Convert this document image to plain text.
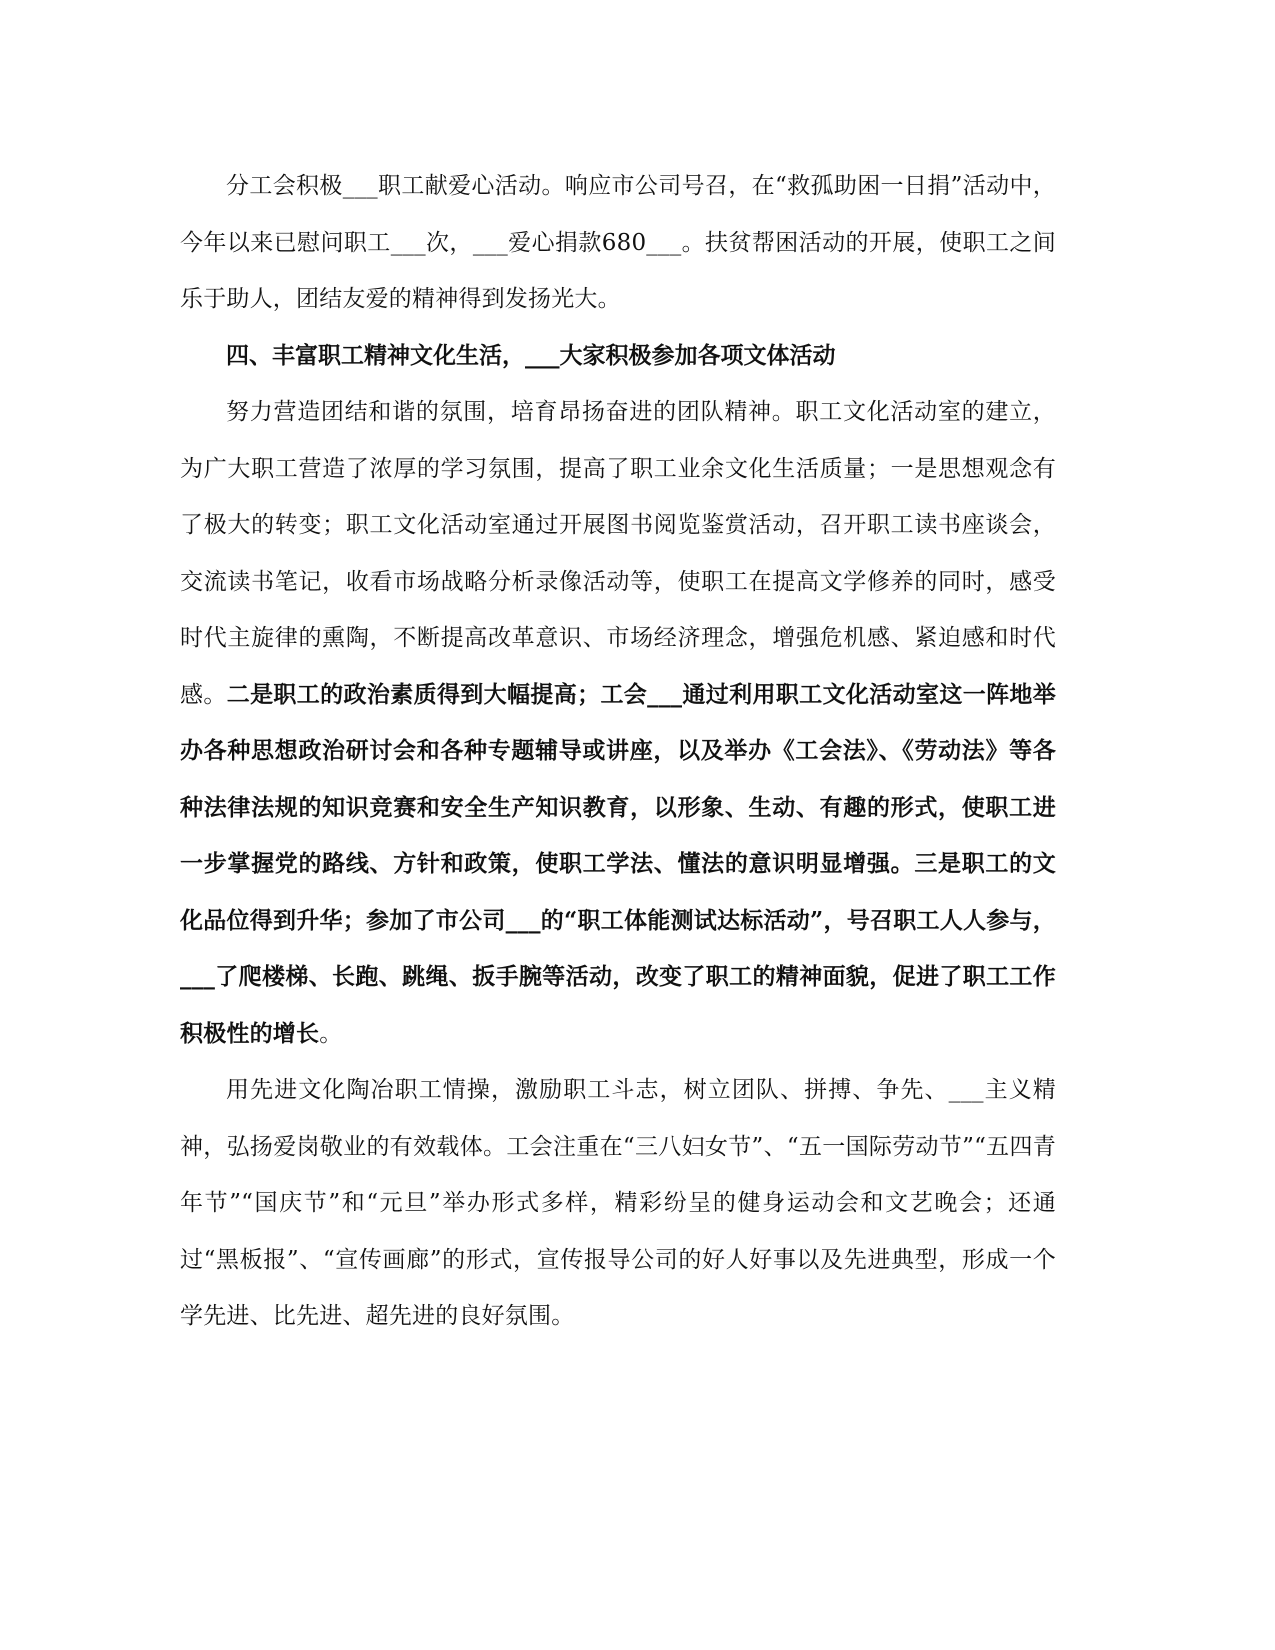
分工会积极___职工献爱心活动。响应市公司号召，在“救孤助困一日捐”活动中，今年以来已慰问职工___次，___爱心捐款680___。扶贫帮困活动的开展，使职工之间乐于助人，团结友爱的精神得到发扬光大。

四、丰富职工精神文化生活，___大家积极参加各项文体活动

努力营造团结和谐的氛围，培育昂扬奋进的团队精神。职工文化活动室的建立，为广大职工营造了浓厚的学习氛围，提高了职工业余文化生活质量；一是思想观念有了极大的转变；职工文化活动室通过开展图书阅览鉴赏活动，召开职工读书座谈会，交流读书笔记，收看市场战略分析录像活动等，使职工在提高文学修养的同时，感受时代主旋律的熏陶，不断提高改革意识、市场经济理念，增强危机感、紧迫感和时代感。二是职工的政治素质得到大幅提高；工会___通过利用职工文化活动室这一阵地举办各种思想政治研讨会和各种专题辅导或讲座，以及举办《工会法》、《劳动法》等各种法律法规的知识竞赛和安全生产知识教育，以形象、生动、有趣的形式，使职工进一步掌握党的路线、方针和政策，使职工学法、懂法的意识明显增强。三是职工的文化品位得到升华；参加了市公司___的“职工体能测试达标活动”，号召职工人人参与，___了爬楼梯、长跑、跳绳、扳手腕等活动，改变了职工的精神面貌，促进了职工工作积极性的增长。

用先进文化陶冶职工情操，激励职工斗志，树立团队、拼搏、争先、___主义精神，弘扬爱岗敬业的有效载体。工会注重在“三八妇女节”、“五一国际劳动节”“五四青年节”“国庆节”和“元旦”举办形式多样，精彩纷呈的健身运动会和文艺晚会；还通过“黑板报”、“宣传画廊”的形式，宣传报导公司的好人好事以及先进典型，形成一个学先进、比先进、超先进的良好氛围。
